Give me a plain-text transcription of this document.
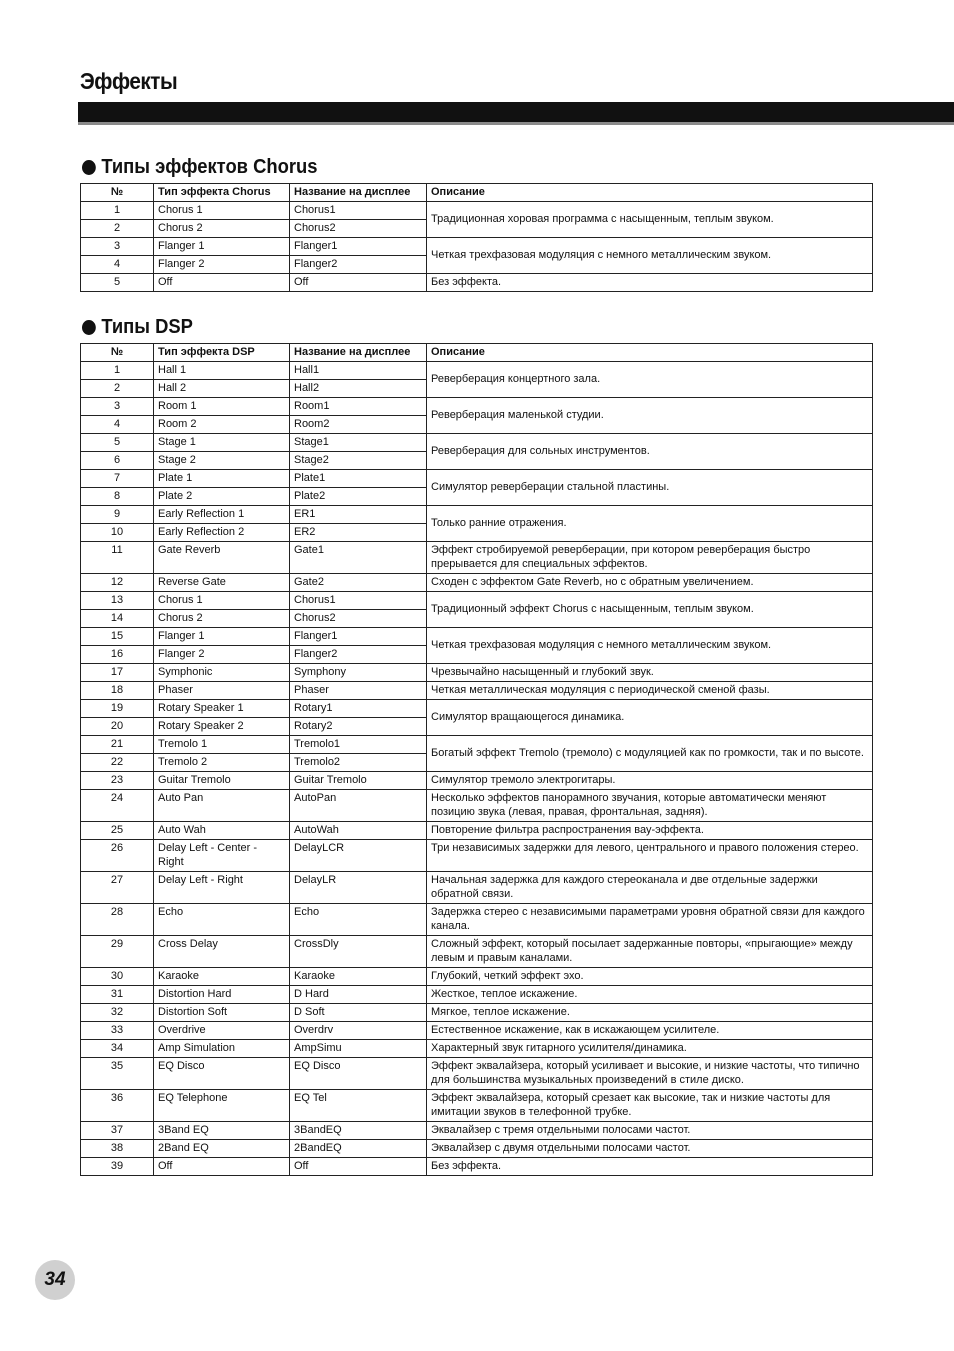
Эффекты
Типы эффектов Chorus
№	Тип эффекта Chorus	Название на дисплее	Описание
1	Chorus 1	Chorus1	Традиционная хоровая программа с насыщенным, теплым звуком.
2	Chorus 2	Chorus2	
3	Flanger 1	Flanger1	Четкая трехфазовая модуляция с немного металлическим звуком.
4	Flanger 2	Flanger2	
5	Off	Off	Без эффекта.
Типы DSP
№	Тип эффекта DSP	Название на дисплее	Описание
1	Hall 1	Hall1	Реверберация концертного зала.
2	Hall 2	Hall2	
3	Room 1	Room1	Реверберация маленькой студии.
4	Room 2	Room2	
5	Stage 1	Stage1	Реверберация для сольных инструментов.
6	Stage 2	Stage2	
7	Plate 1	Plate1	Симулятор реверберации стальной пластины.
8	Plate 2	Plate2	
9	Early Reflection 1	ER1	Только ранние отражения.
10	Early Reflection 2	ER2	
11	Gate Reverb	Gate1	Эффект стробируемой реверберации, при котором реверберация быстро прерывается для специальных эффектов.
12	Reverse Gate	Gate2	Сходен с эффектом Gate Reverb, но с обратным увеличением.
13	Chorus 1	Chorus1	Традиционный эффект Chorus с насыщенным, теплым звуком.
14	Chorus 2	Chorus2	
15	Flanger 1	Flanger1	Четкая трехфазовая модуляция с немного металлическим звуком.
16	Flanger 2	Flanger2	
17	Symphonic	Symphony	Чрезвычайно насыщенный и глубокий звук.
18	Phaser	Phaser	Четкая металлическая модуляция с периодической сменой фазы.
19	Rotary Speaker 1	Rotary1	Симулятор вращающегося динамика.
20	Rotary Speaker 2	Rotary2	
21	Tremolo 1	Tremolo1	Богатый эффект Tremolo (тремоло) с модуляцией как по громкости, так и по высоте.
22	Tremolo 2	Tremolo2	
23	Guitar Tremolo	Guitar Tremolo	Симулятор тремоло электрогитары.
24	Auto Pan	AutoPan	Несколько эффектов панорамного звучания, которые автоматически меняют позицию звука (левая, правая, фронтальная, задняя).
25	Auto Wah	AutoWah	Повторение фильтра распространения вау-эффекта.
26	Delay Left - Center - Right	DelayLCR	Три независимых задержки для левого, центрального и правого положения стерео.
27	Delay Left - Right	DelayLR	Начальная задержка для каждого стереоканала и две отдельные задержки обратной связи.
28	Echo	Echo	Задержка стерео с независимыми параметрами уровня обратной связи для каждого канала.
29	Cross Delay	CrossDly	Сложный эффект, который посылает задержанные повторы, «прыгающие» между левым и правым каналами.
30	Karaoke	Karaoke	Глубокий, четкий эффект эхо.
31	Distortion Hard	D Hard	Жесткое, теплое искажение.
32	Distortion Soft	D Soft	Мягкое, теплое искажение.
33	Overdrive	Overdrv	Естественное искажение, как в искажающем усилителе.
34	Amp Simulation	AmpSimu	Характерный звук гитарного усилителя/динамика.
35	EQ Disco	EQ Disco	Эффект эквалайзера, который усиливает и высокие, и низкие частоты, что типично для большинства музыкальных произведений в стиле диско.
36	EQ Telephone	EQ Tel	Эффект эквалайзера, который срезает как высокие, так и низкие частоты для имитации звуков в телефонной трубке.
37	3Band EQ	3BandEQ	Эквалайзер с тремя отдельными полосами частот.
38	2Band EQ	2BandEQ	Эквалайзер с двумя отдельными полосами частот.
39	Off	Off	Без эффекта.
34
